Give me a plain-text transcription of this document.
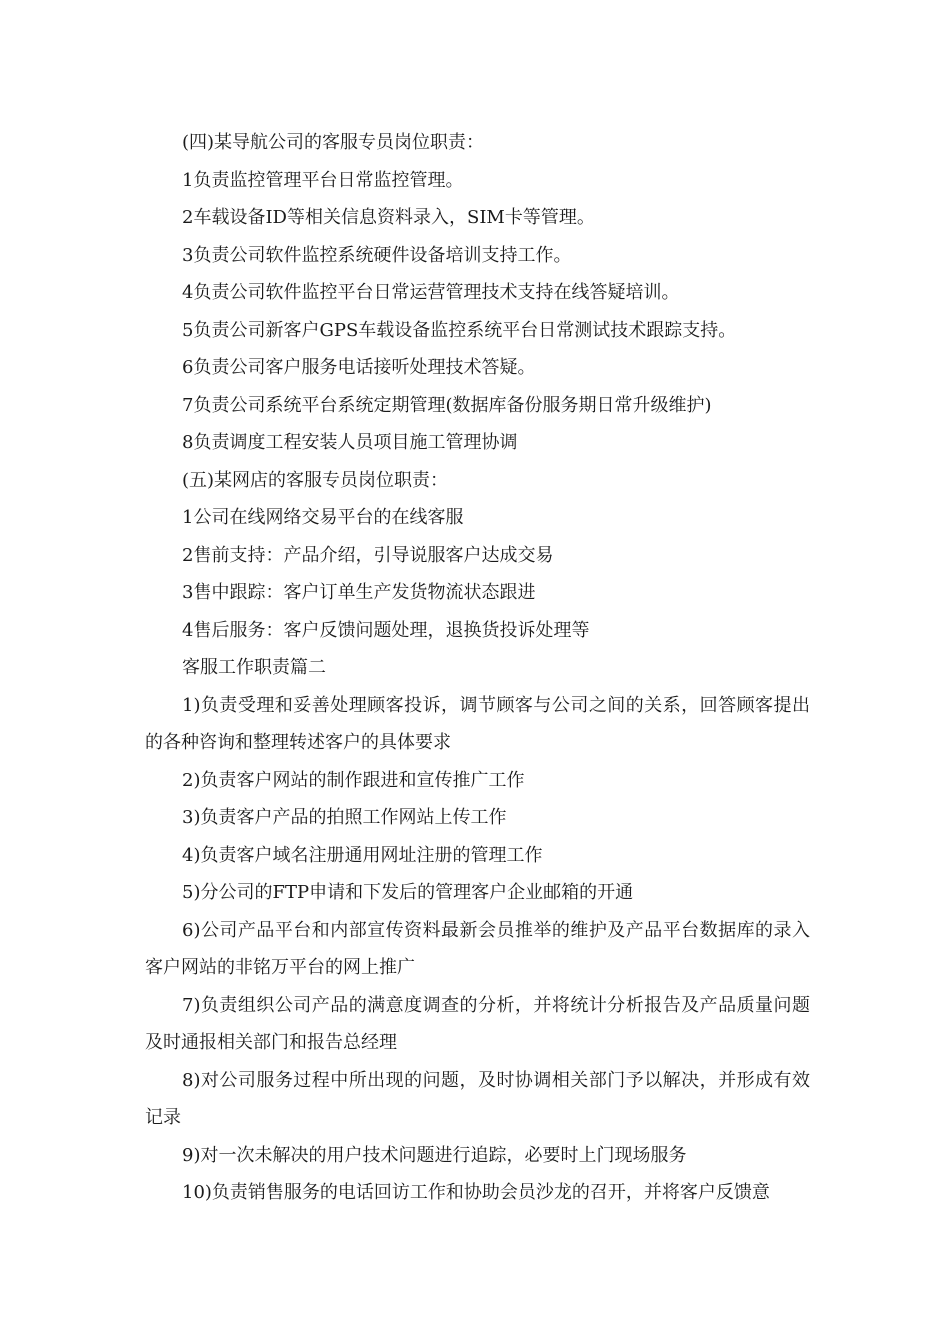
(四)某导航公司的客服专员岗位职责：

1负责监控管理平台日常监控管理。

2车载设备ID等相关信息资料录入，SIM卡等管理。

3负责公司软件监控系统硬件设备培训支持工作。

4负责公司软件监控平台日常运营管理技术支持在线答疑培训。

5负责公司新客户GPS车载设备监控系统平台日常测试技术跟踪支持。

6负责公司客户服务电话接听处理技术答疑。

7负责公司系统平台系统定期管理(数据库备份服务期日常升级维护)

8负责调度工程安装人员项目施工管理协调

(五)某网店的客服专员岗位职责：

1公司在线网络交易平台的在线客服

2售前支持：产品介绍，引导说服客户达成交易

3售中跟踪：客户订单生产发货物流状态跟进

4售后服务：客户反馈问题处理，退换货投诉处理等

客服工作职责篇二

1)负责受理和妥善处理顾客投诉，调节顾客与公司之间的关系，回答顾客提出的各种咨询和整理转述客户的具体要求

2)负责客户网站的制作跟进和宣传推广工作

3)负责客户产品的拍照工作网站上传工作

4)负责客户域名注册通用网址注册的管理工作

5)分公司的FTP申请和下发后的管理客户企业邮箱的开通

6)公司产品平台和内部宣传资料最新会员推举的维护及产品平台数据库的录入客户网站的非铭万平台的网上推广

7)负责组织公司产品的满意度调查的分析，并将统计分析报告及产品质量问题及时通报相关部门和报告总经理

8)对公司服务过程中所出现的问题，及时协调相关部门予以解决，并形成有效记录

9)对一次未解决的用户技术问题进行追踪，必要时上门现场服务

10)负责销售服务的电话回访工作和协助会员沙龙的召开，并将客户反馈意
